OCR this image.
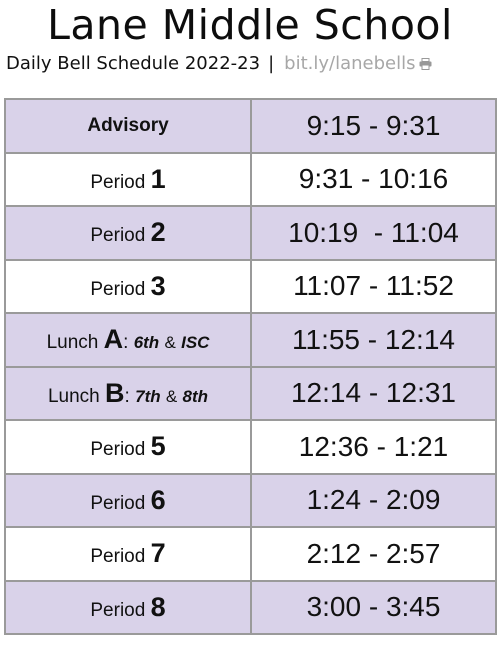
Lane Middle School
Daily Bell Schedule 2022-23 | bit.ly/lanebells
Advisory	9:15 - 9:31
Period 1	9:31 - 10:16
Period 2	10:19  - 11:04
Period 3	11:07 - 11:52
Lunch A: 6th & ISC	11:55 - 12:14
Lunch B: 7th & 8th	12:14 - 12:31
Period 5	12:36 - 1:21
Period 6	1:24 - 2:09
Period 7	2:12 - 2:57
Period 8	3:00 - 3:45
